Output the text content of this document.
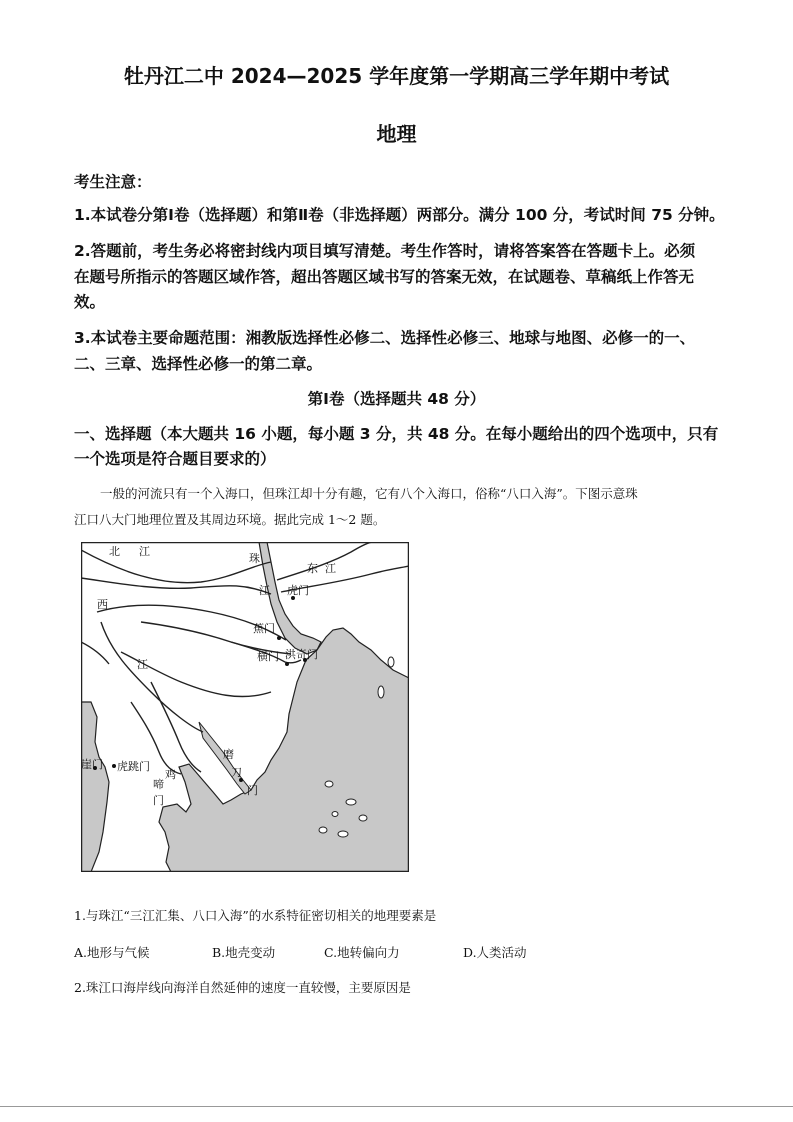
牡丹江二中 2024—2025 学年度第一学期高三学年期中考试
地理
考生注意：
1.本试卷分第Ⅰ卷（选择题）和第Ⅱ卷（非选择题）两部分。满分 100 分，考试时间 75 分钟。
2.答题前，考生务必将密封线内项目填写清楚。考生作答时，请将答案答在答题卡上。必须
在题号所指示的答题区域作答，超出答题区域书写的答案无效，在试题卷、草稿纸上作答无
效。
3.本试卷主要命题范围：湘教版选择性必修二、选择性必修三、地球与地图、必修一的一、
二、三章、选择性必修一的第二章。
第Ⅰ卷（选择题共 48 分）
一、选择题（本大题共 16 小题，每小题 3 分，共 48 分。在每小题给出的四个选项中，只有
一个选项是符合题目要求的）
一般的河流只有一个入海口，但珠江却十分有趣，它有八个入海口，俗称“八口入海”。下图示意珠
江口八大门地理位置及其周边环境。据此完成 1～2 题。
北 江
珠
东 江
江 虎门
西
蕉门
横门 洪奇门
江
磨
刀
门
崖门 虎跳门
鸡
啼
门
1.与珠江“三江汇集、八口入海”的水系特征密切相关的地理要素是
A.地形与气候	B.地壳变动	C.地转偏向力	D.人类活动
2.珠江口海岸线向海洋自然延伸的速度一直较慢，主要原因是
